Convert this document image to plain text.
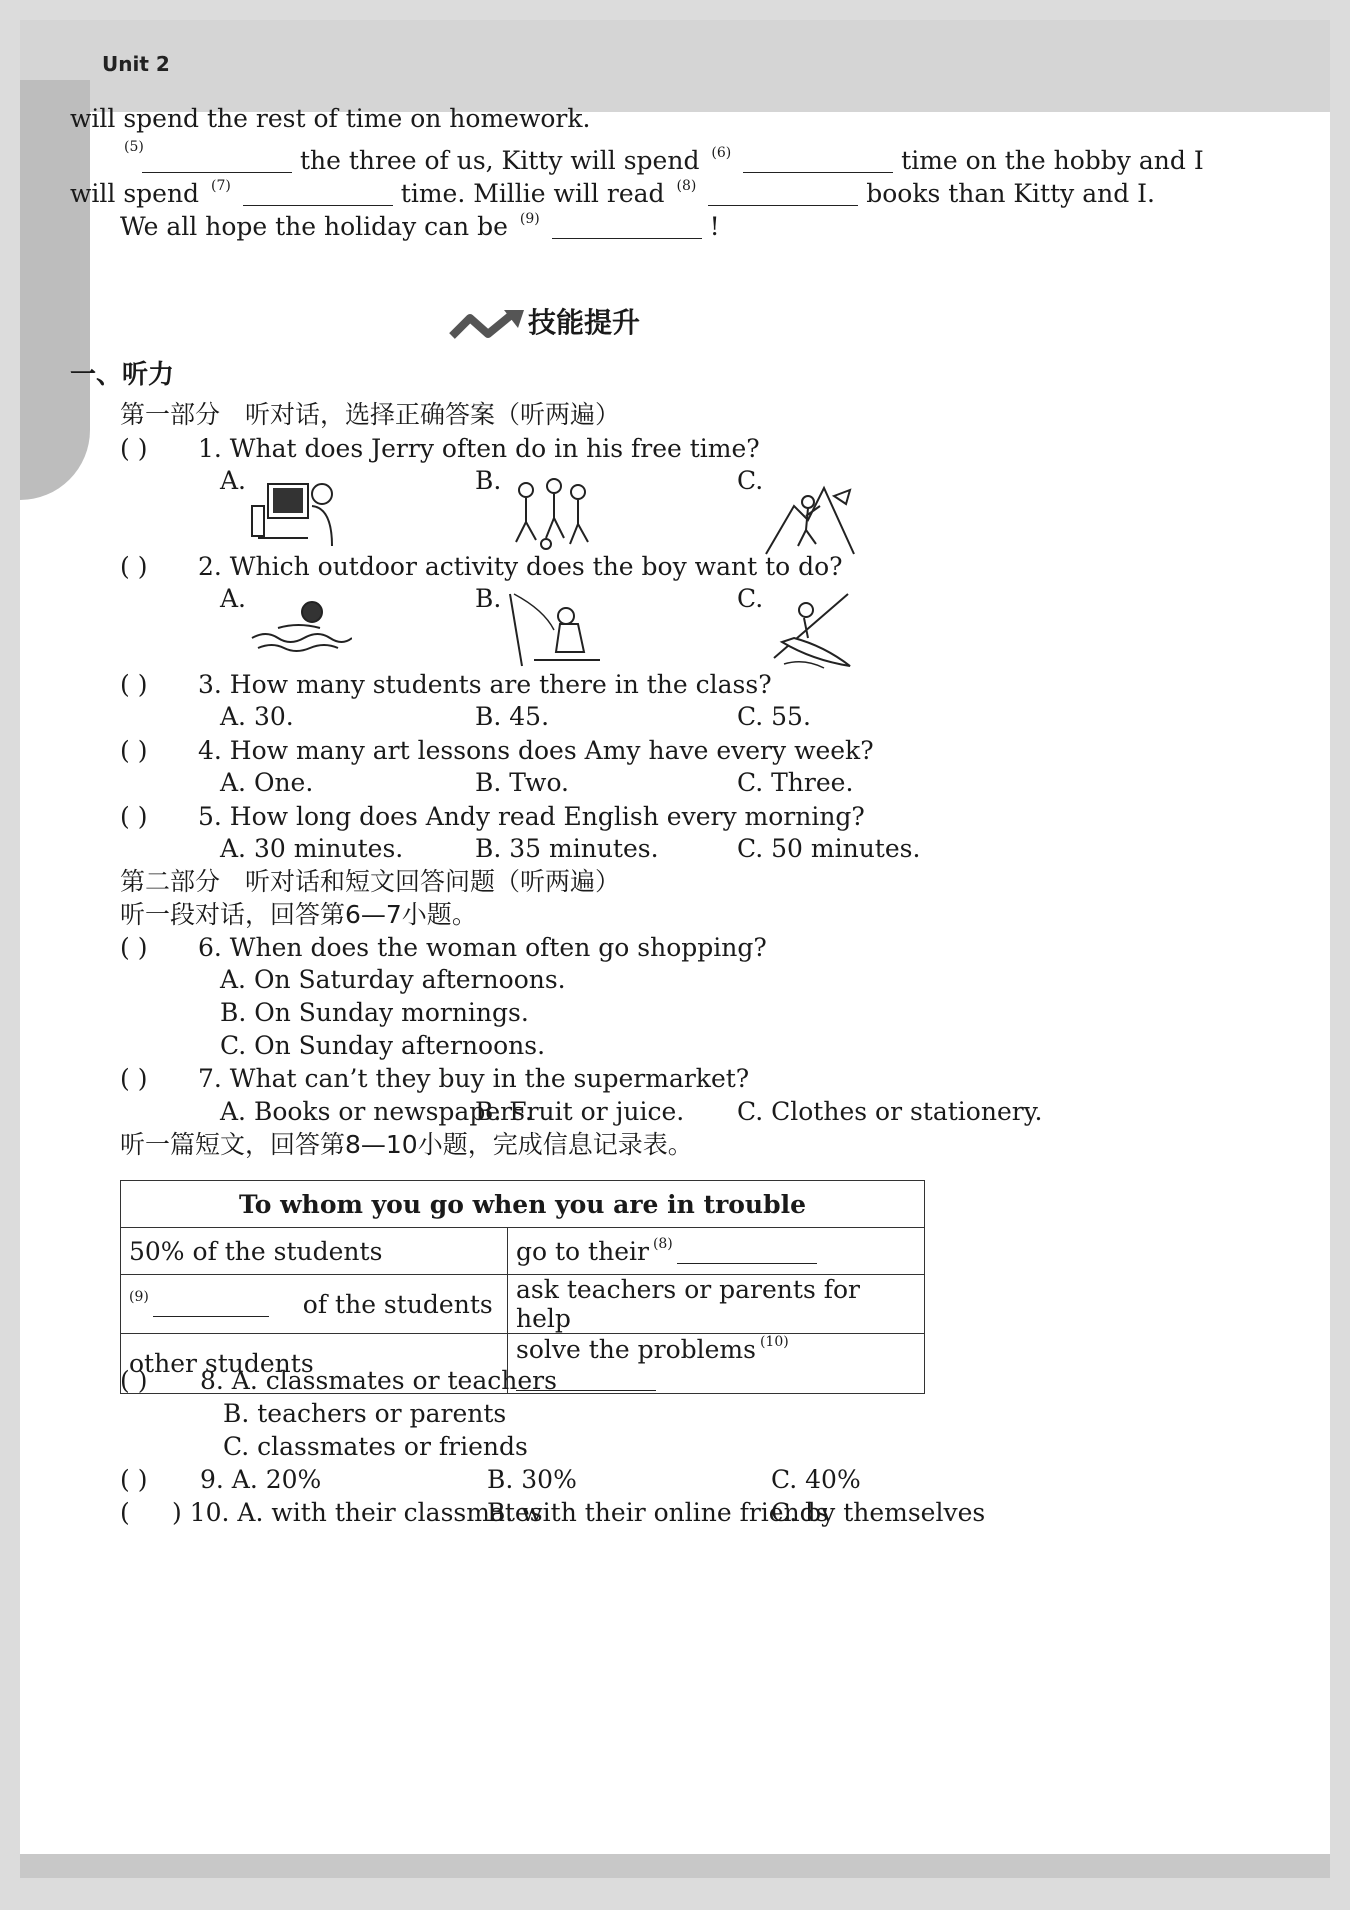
Unit 2
will spend the rest of time on homework.
(5)	the three of us, Kitty will spend $^{(6)}$	time on the hobby and I
will spend $^{(7)}$	time. Millie will read $^{(8)}$	books than Kitty and I.
We all hope the holiday can be $^{(9)}$	!
技能提升
一、听力
第一部分　听对话，选择正确答案（听两遍）
( ) 1. What does Jerry often do in his free time?
A.	B.	C.
( ) 2. Which outdoor activity does the boy want to do?
A.	B.	C.
( ) 3. How many students are there in the class?
A. 30.	B. 45.	C. 55.
( ) 4. How many art lessons does Amy have every week?
A. One.	B. Two.	C. Three.
( ) 5. How long does Andy read English every morning?
A. 30 minutes.	B. 35 minutes.	C. 50 minutes.
第二部分　听对话和短文回答问题（听两遍）
听一段对话，回答第6—7小题。
( ) 6. When does the woman often go shopping?
A. On Saturday afternoons.
B. On Sunday mornings.
C. On Sunday afternoons.
( ) 7. What can’t they buy in the supermarket?
A. Books or newspapers.
B. Fruit or juice. C. Clothes or stationery.
听一篇短文，回答第8—10小题，完成信息记录表。
To whom you go when you are in trouble	
50% of the students	go to their $^{(8)}$
$^{(9)}$ of the students	ask teachers or parents for help
other students	solve the problems $^{(10)}$
( ) 8. A. classmates or teachers
B. teachers or parents
C. classmates or friends
( ) 9. A. 20%	B. 30%	C. 40%
( ) 10. A. with their classmates
B. with their online friends
C. by themselves
